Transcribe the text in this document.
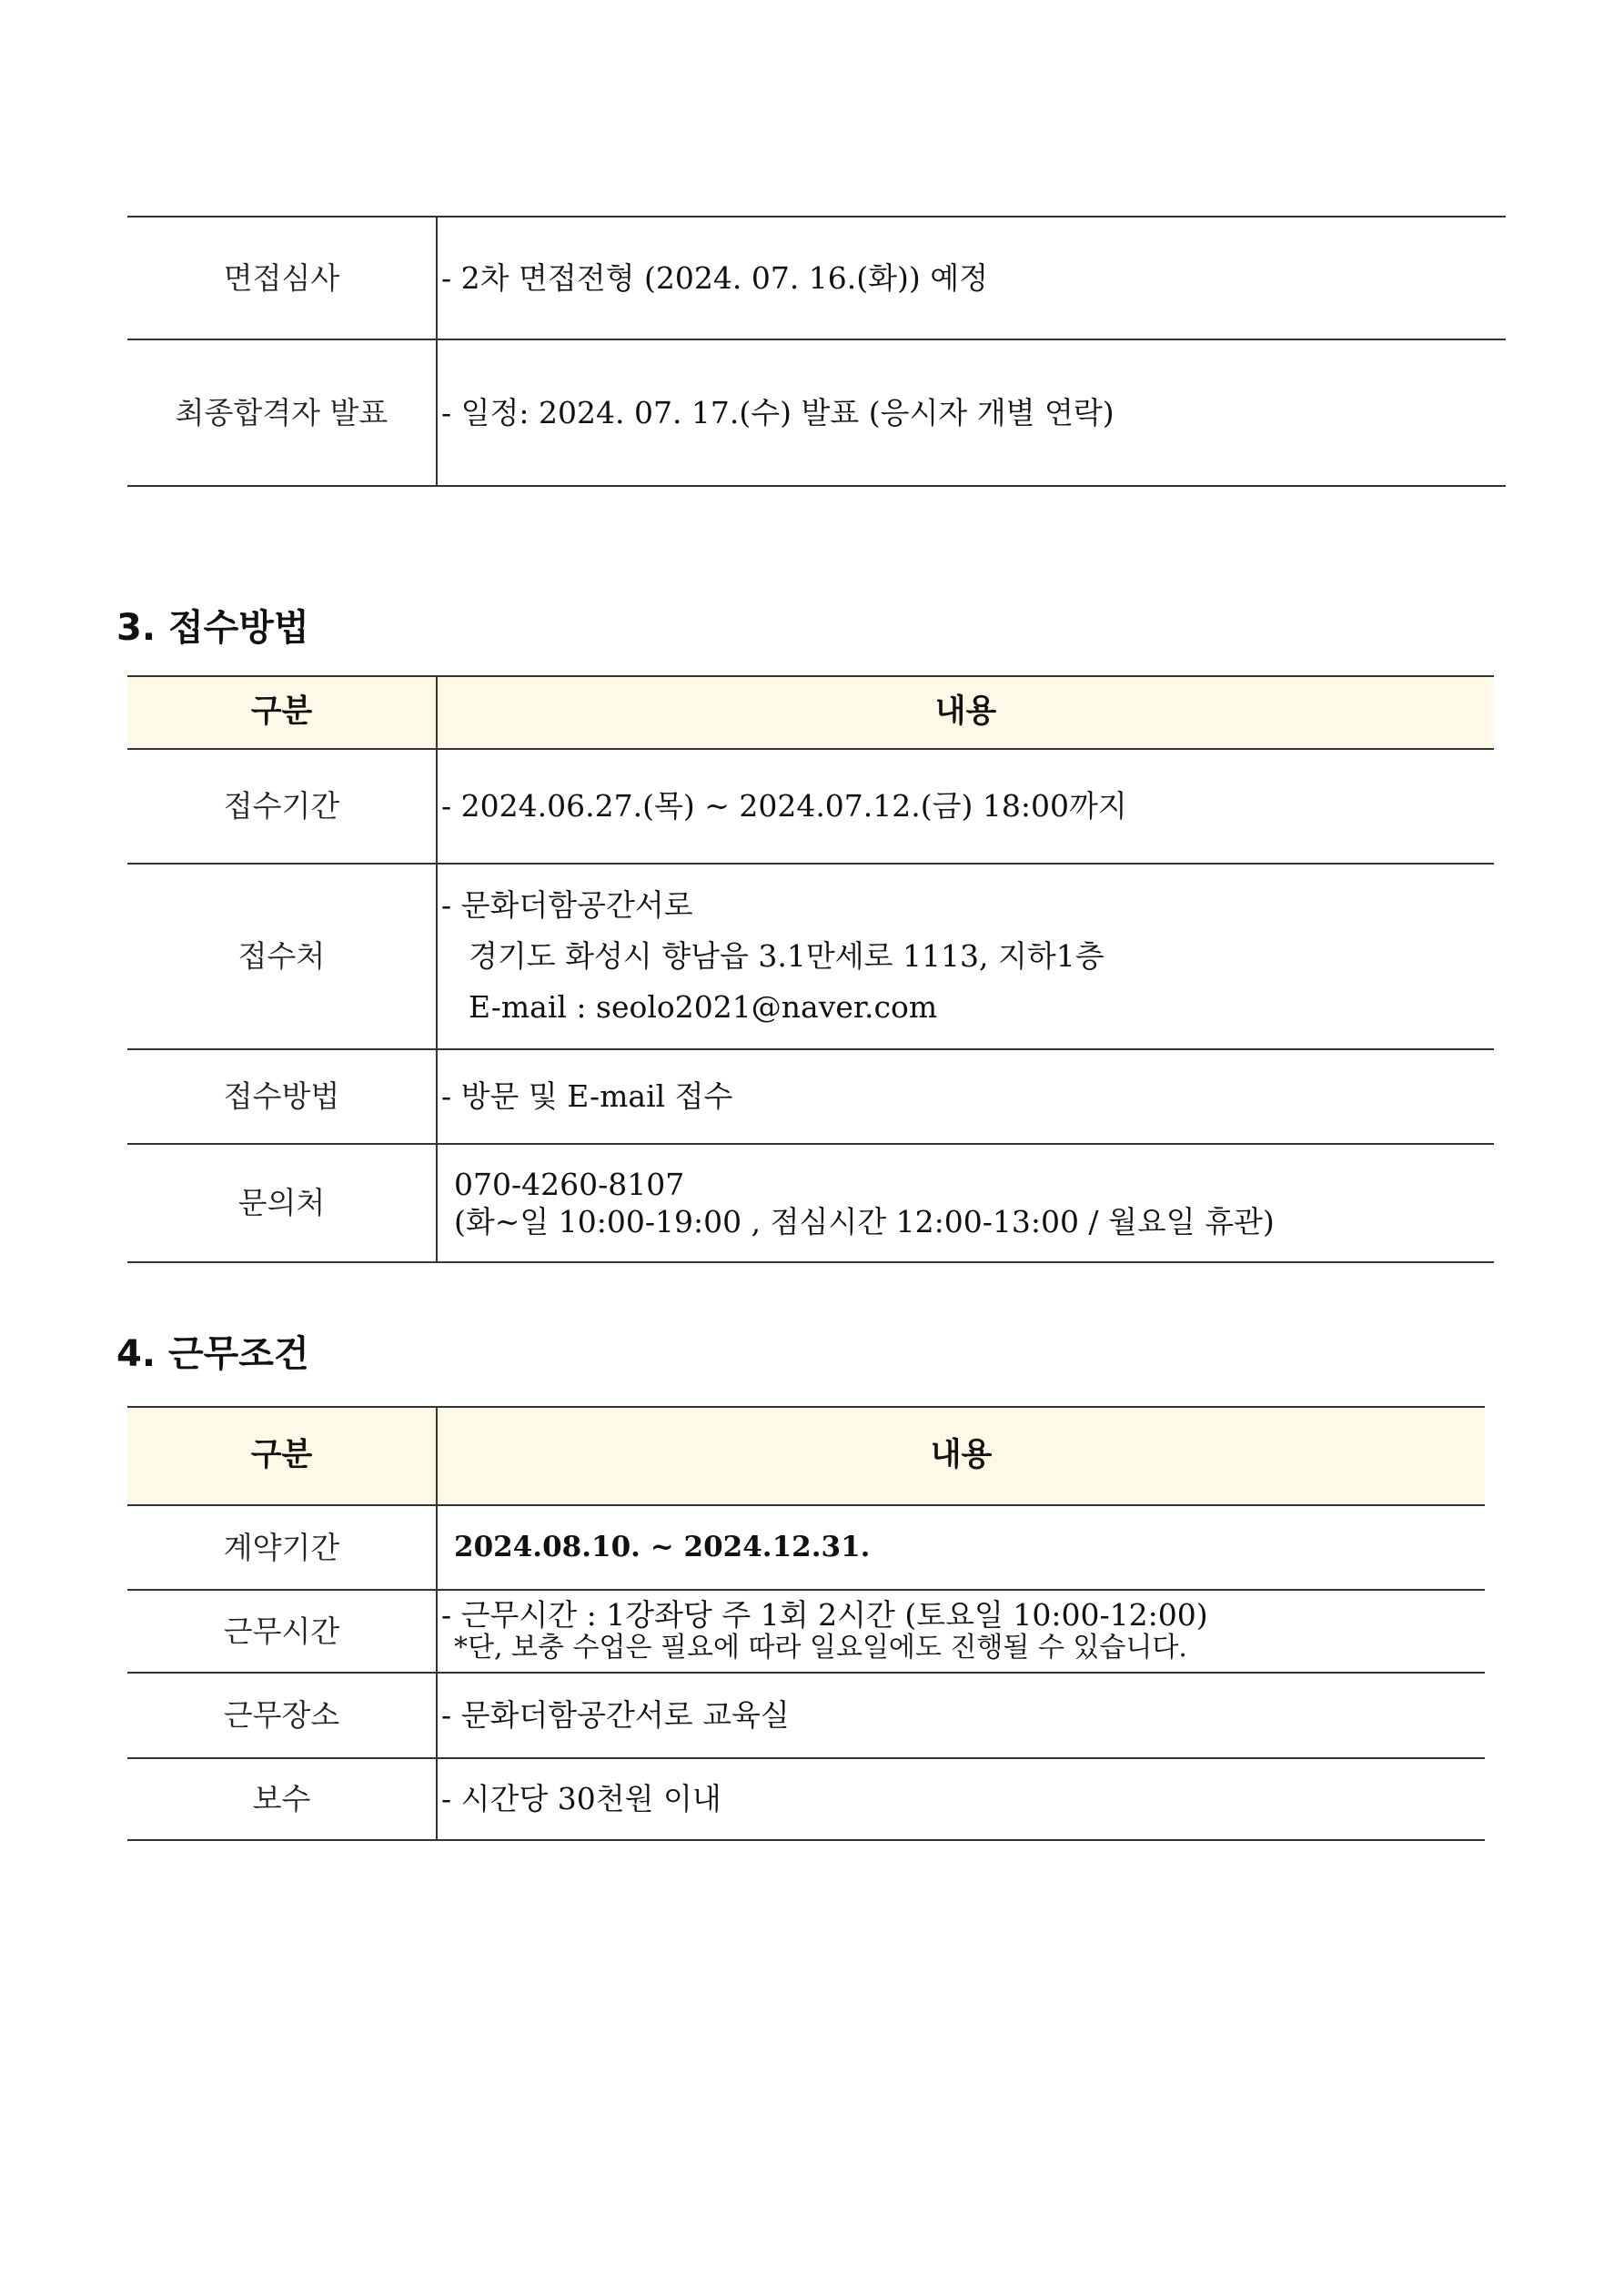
면접심사	- 2차 면접전형 (2024. 07. 16.(화)) 예정

최종합격자 발표	- 일정: 2024. 07. 17.(수) 발표 (응시자 개별 연락)
3. 접수방법
구분	내용
접수기간	- 2024.06.27.(목) ~ 2024.07.12.(금) 18:00까지

접수처	- 문화더함공간서로
경기도 화성시 향남읍 3.1만세로 1113, 지하1층
E-mail : seolo2021@naver.com

접수방법	- 방문 및 E-mail 접수

문의처	070-4260-8107
(화~일 10:00-19:00 , 점심시간 12:00-13:00 / 월요일 휴관)
4. 근무조건
구분	내용
계약기간	2024.08.10. ~ 2024.12.31.

근무시간	- 근무시간 : 1강좌당 주 1회 2시간 (토요일 10:00-12:00)
*단, 보충 수업은 필요에 따라 일요일에도 진행될 수 있습니다.

근무장소	- 문화더함공간서로 교육실

보수	- 시간당 30천원 이내
